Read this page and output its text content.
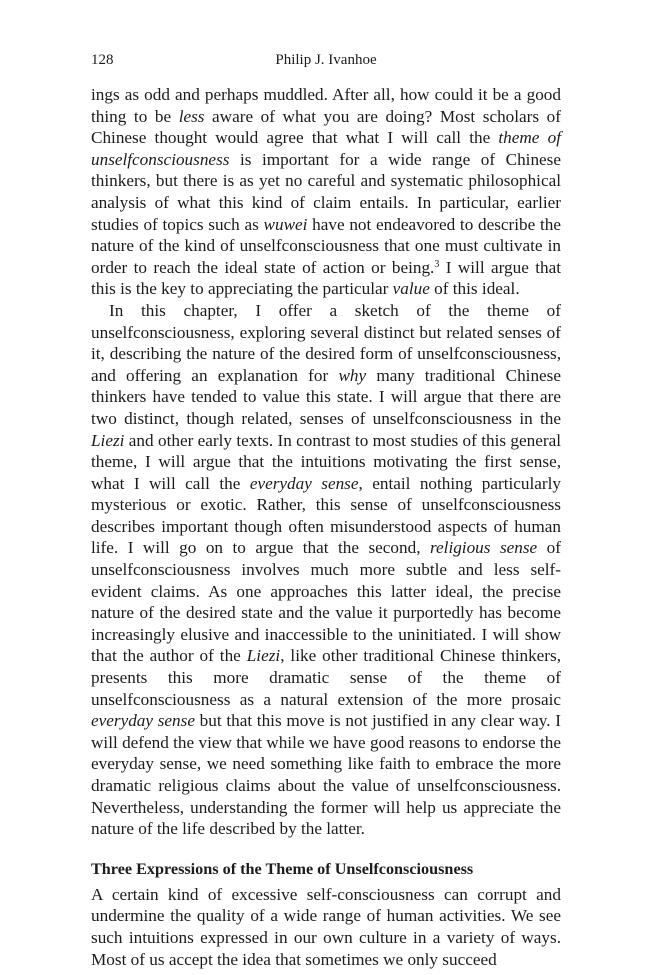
128	Philip J. Ivanhoe

ings as odd and perhaps muddled. After all, how could it be a good thing to be less aware of what you are doing? Most scholars of Chinese thought would agree that what I will call the theme of unselfconsciousness is important for a wide range of Chinese thinkers, but there is as yet no careful and systematic philosophical analysis of what this kind of claim entails. In particular, earlier studies of topics such as wuwei have not endeavored to describe the nature of the kind of unselfconsciousness that one must cultivate in order to reach the ideal state of action or being.$^3$ I will argue that this is the key to appreciating the particular value of this ideal.

In this chapter, I offer a sketch of the theme of unselfconsciousness, exploring several distinct but related senses of it, describing the nature of the desired form of unselfconsciousness, and offering an explanation for why many traditional Chinese thinkers have tended to value this state. I will argue that there are two distinct, though related, senses of unselfconsciousness in the Liezi and other early texts. In contrast to most studies of this general theme, I will argue that the intuitions motivating the first sense, what I will call the everyday sense, entail nothing particularly mysterious or exotic. Rather, this sense of unselfconsciousness describes important though often misunderstood aspects of human life. I will go on to argue that the second, religious sense of unselfconsciousness involves much more subtle and less self-evident claims. As one approaches this latter ideal, the precise nature of the desired state and the value it purportedly has become increasingly elusive and inaccessible to the uninitiated. I will show that the author of the Liezi, like other traditional Chinese thinkers, presents this more dramatic sense of the theme of unselfconsciousness as a natural extension of the more prosaic everyday sense but that this move is not justified in any clear way. I will defend the view that while we have good reasons to endorse the everyday sense, we need something like faith to embrace the more dramatic religious claims about the value of unselfconsciousness. Nevertheless, understanding the former will help us appreciate the nature of the life described by the latter.

Three Expressions of the Theme of Unselfconsciousness

A certain kind of excessive self-consciousness can corrupt and undermine the quality of a wide range of human activities. We see such intuitions expressed in our own culture in a variety of ways. Most of us accept the idea that sometimes we only succeed
